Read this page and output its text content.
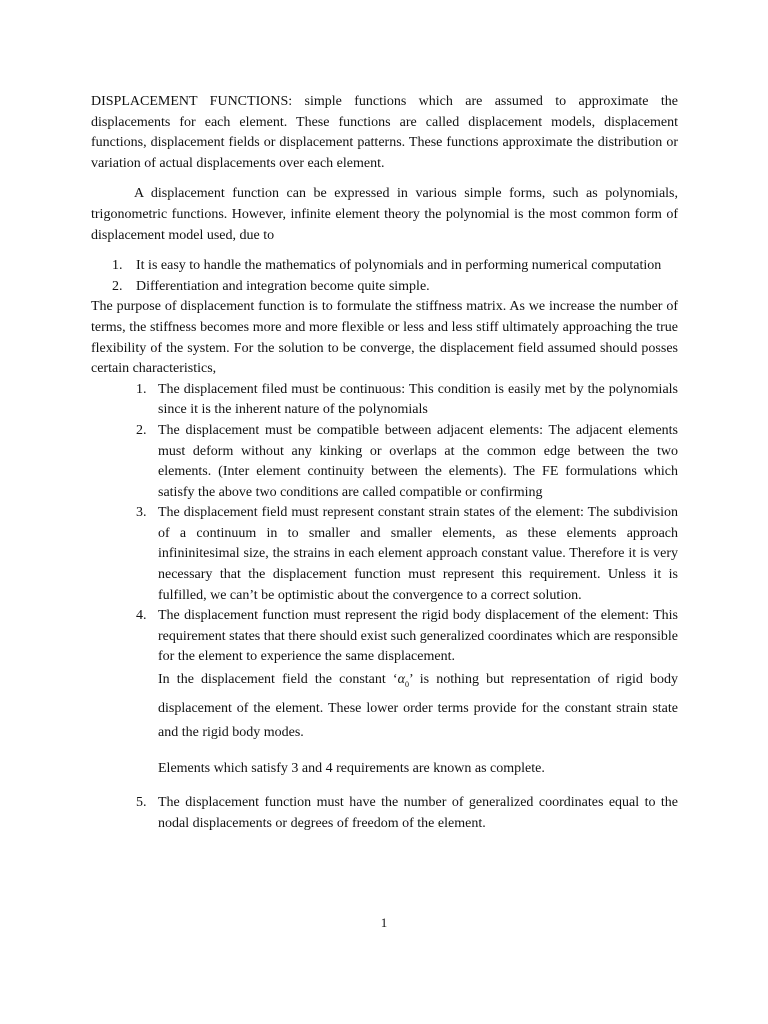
DISPLACEMENT FUNCTIONS: simple functions which are assumed to approximate the displacements for each element. These functions are called displacement models, displacement functions, displacement fields or displacement patterns. These functions approximate the distribution or variation of actual displacements over each element.

A displacement function can be expressed in various simple forms, such as polynomials, trigonometric functions. However, infinite element theory the polynomial is the most common form of displacement model used, due to

1. It is easy to handle the mathematics of polynomials and in performing numerical computation
2. Differentiation and integration become quite simple.

The purpose of displacement function is to formulate the stiffness matrix. As we increase the number of terms, the stiffness becomes more and more flexible or less and less stiff ultimately approaching the true flexibility of the system. For the solution to be converge, the displacement field assumed should posses certain characteristics,

1. The displacement filed must be continuous: This condition is easily met by the polynomials since it is the inherent nature of the polynomials
2. The displacement must be compatible between adjacent elements: The adjacent elements must deform without any kinking or overlaps at the common edge between the two elements. (Inter element continuity between the elements). The FE formulations which satisfy the above two conditions are called compatible or confirming
3. The displacement field must represent constant strain states of the element: The subdivision of a continuum in to smaller and smaller elements, as these elements approach infininitesimal size, the strains in each element approach constant value. Therefore it is very necessary that the displacement function must represent this requirement. Unless it is fulfilled, we can’t be optimistic about the convergence to a correct solution.
4. The displacement function must represent the rigid body displacement of the element: This requirement states that there should exist such generalized coordinates which are responsible for the element to experience the same displacement.

In the displacement field the constant ‘$\alpha_0$’ is nothing but representation of rigid body displacement of the element. These lower order terms provide for the constant strain state and the rigid body modes.

Elements which satisfy 3 and 4 requirements are known as complete.

5. The displacement function must have the number of generalized coordinates equal to the nodal displacements or degrees of freedom of the element.
1
